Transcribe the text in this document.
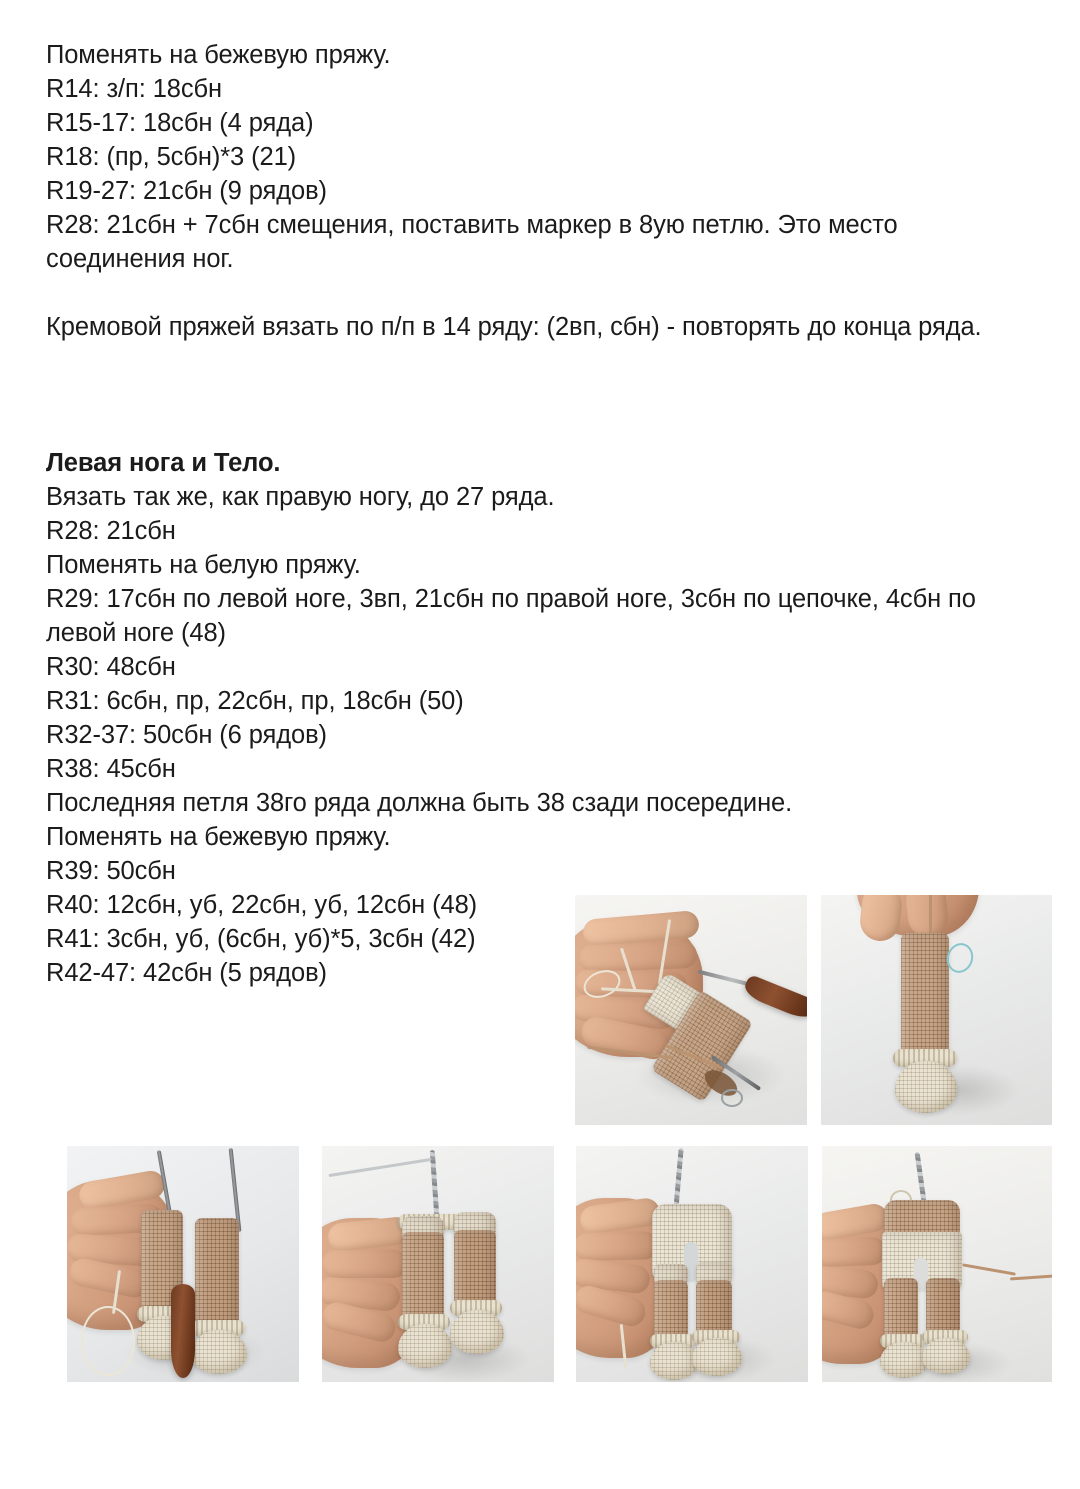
Поменять на бежевую пряжу.
R14: з/п: 18сбн
R15-17: 18сбн (4 ряда)
R18: (пр, 5сбн)*3 (21)
R19-27: 21сбн (9 рядов)
R28: 21сбн + 7сбн смещения, поставить маркер в 8ую петлю. Это место соединения ног.
Кремовой пряжей вязать по п/п в 14 ряду: (2вп, сбн) - повторять до конца ряда.
Левая нога и Тело.
Вязать так же, как правую ногу, до 27 ряда.
R28: 21сбн
Поменять на белую пряжу.
R29: 17сбн по левой ноге, 3вп, 21сбн по правой ноге, 3сбн по цепочке, 4сбн по левой ноге (48)
R30: 48сбн
R31: 6сбн, пр, 22сбн, пр, 18сбн (50)
R32-37: 50сбн (6 рядов)
R38: 45сбн
Последняя петля 38го ряда должна быть 38 сзади посередине.
Поменять на бежевую пряжу.
R39: 50сбн
R40: 12сбн, уб, 22сбн, уб, 12сбн (48)
R41: 3сбн, уб, (6сбн, уб)*5, 3сбн (42)
R42-47: 42сбн (5 рядов)
